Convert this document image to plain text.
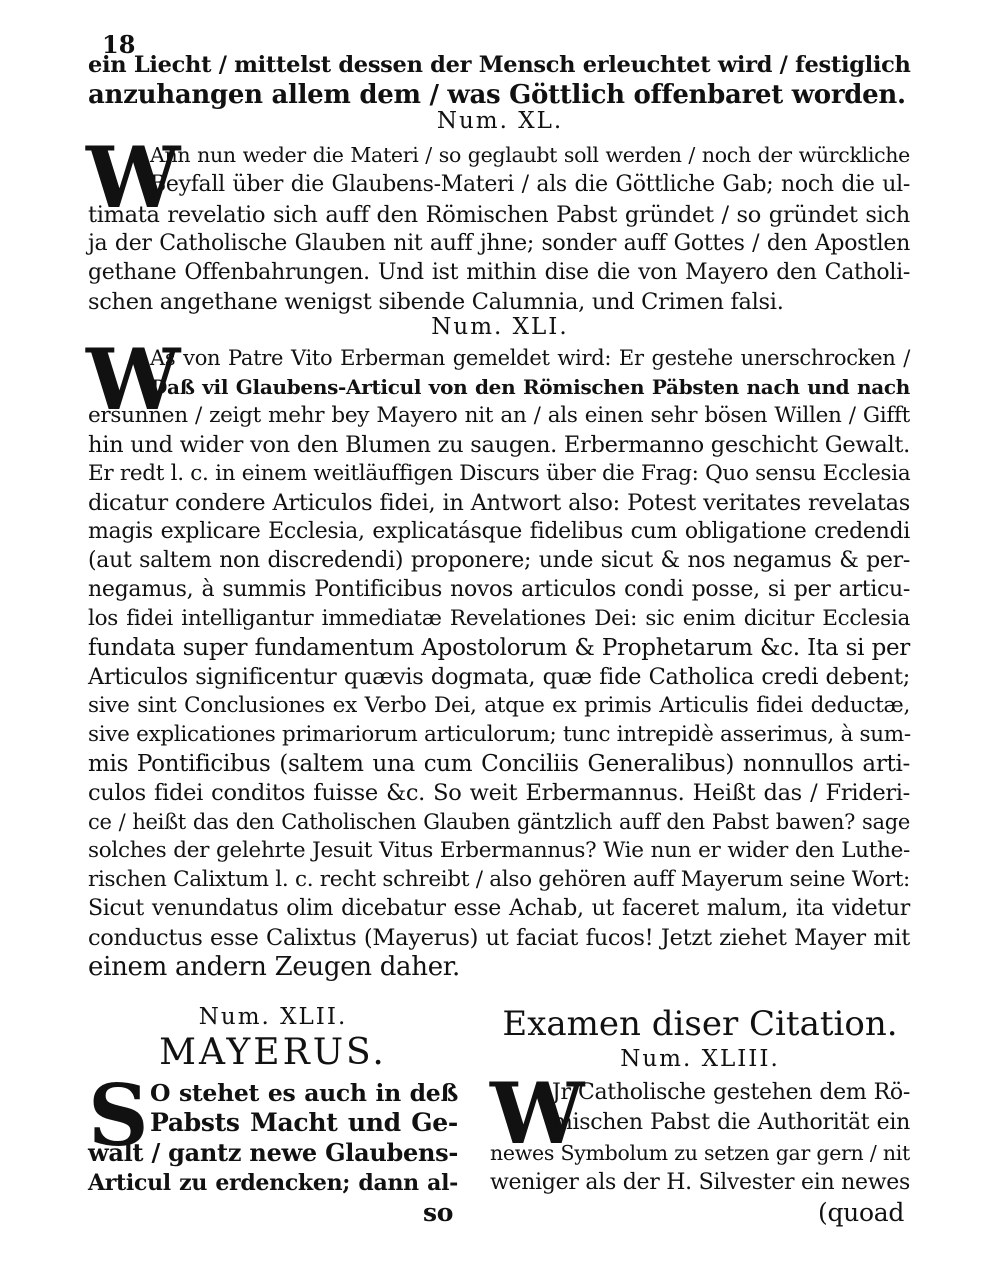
18
ein Liecht / mittelst dessen der Mensch erleuchtet wird / festiglich
anzuhangen allem dem / was Göttlich offenbaret worden.
Num. XL.
W
Ann nun weder die Materi / so geglaubt soll werden / noch der würckliche
Beyfall über die Glaubens-Materi / als die Göttliche Gab; noch die ul-
timata revelatio sich auff den Römischen Pabst gründet / so gründet sich
ja der Catholische Glauben nit auff jhne; sonder auff Gottes / den Apostlen
gethane Offenbahrungen. Und ist mithin dise die von Mayero den Catholi-
schen angethane wenigst sibende Calumnia, und Crimen falsi.
Num. XLI.
W
As von Patre Vito Erberman gemeldet wird: Er gestehe unerschrocken /
Daß vil Glaubens-Articul von den Römischen Päbsten nach und nach
ersunnen / zeigt mehr bey Mayero nit an / als einen sehr bösen Willen / Gifft
hin und wider von den Blumen zu saugen. Erbermanno geschicht Gewalt.
Er redt l. c. in einem weitläuffigen Discurs über die Frag: Quo sensu Ecclesia
dicatur condere Articulos fidei, in Antwort also: Potest veritates revelatas
magis explicare Ecclesia, explicatásque fidelibus cum obligatione credendi
(aut saltem non discredendi) proponere; unde sicut & nos negamus & per-
negamus, à summis Pontificibus novos articulos condi posse, si per articu-
los fidei intelligantur immediatæ Revelationes Dei: sic enim dicitur Ecclesia
fundata super fundamentum Apostolorum & Prophetarum &c. Ita si per
Articulos significentur quævis dogmata, quæ fide Catholica credi debent;
sive sint Conclusiones ex Verbo Dei, atque ex primis Articulis fidei deductæ,
sive explicationes primariorum articulorum; tunc intrepidè asserimus, à sum-
mis Pontificibus (saltem una cum Conciliis Generalibus) nonnullos arti-
culos fidei conditos fuisse &c. So weit Erbermannus. Heißt das / Frideri-
ce / heißt das den Catholischen Glauben gäntzlich auff den Pabst bawen? sage
solches der gelehrte Jesuit Vitus Erbermannus? Wie nun er wider den Luthe-
rischen Calixtum l. c. recht schreibt / also gehören auff Mayerum seine Wort:
Sicut venundatus olim dicebatur esse Achab, ut faceret malum, ita videtur
conductus esse Calixtus (Mayerus) ut faciat fucos! Jetzt ziehet Mayer mit
einem andern Zeugen daher.
Num. XLII.
MAYERUS.
S O stehet es auch in deß
Pabsts Macht und Ge-
walt / gantz newe Glaubens-
Articul zu erdencken; dann al-
so
Examen diser Citation.
Num. XLIII.
W
Jr Catholische gestehen dem Rö-
mischen Pabst die Authorität ein
newes Symbolum zu setzen gar gern / nit
weniger als der H. Silvester ein newes
(quoad
